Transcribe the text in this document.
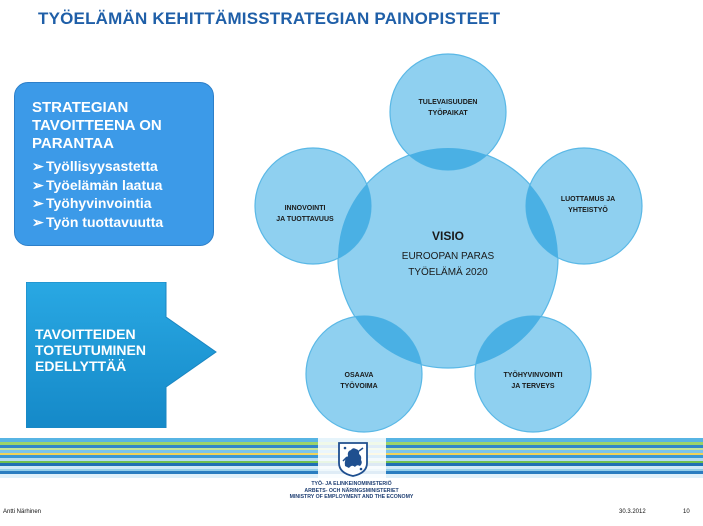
TYÖELÄMÄN KEHITTÄMISSTRATEGIAN PAINOPISTEET
STRATEGIAN
TAVOITTEENA ON
PARANTAA
➢ Työllisyysastetta
➢ Työelämän laatua
➢ Työhyvinvointia
➢ Työn tuottavuutta
TAVOITTEIDEN
TOTEUTUMINEN
EDELLYTTÄÄ
VISIO
EUROOPAN PARAS
TYÖELÄMÄ 2020
TULEVAISUUDEN
TYÖPAIKAT
LUOTTAMUS JA
YHTEISTYÖ
TYÖHYVINVOINTI
JA TERVEYS
OSAAVA
TYÖVOIMA
INNOVOINTI
JA TUOTTAVUUS
TYÖ- JA ELINKEINOMINISTERIÖ
ARBETS- OCH NÄRINGSMINISTERIET
MINISTRY OF EMPLOYMENT AND THE ECONOMY
Antti Närhinen	30.3.2012	10
